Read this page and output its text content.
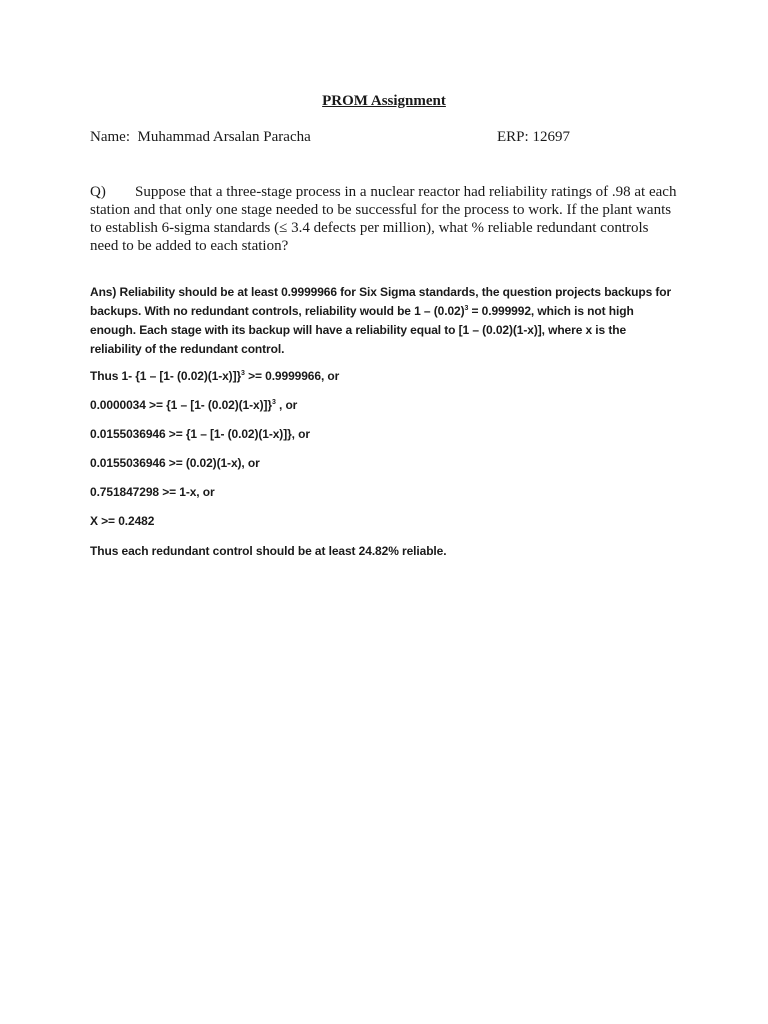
PROM Assignment
Name: Muhammad Arsalan Paracha	ERP: 12697
Q)	Suppose that a three-stage process in a nuclear reactor had reliability ratings of .98 at each station and that only one stage needed to be successful for the process to work. If the plant wants to establish 6-sigma standards (≤ 3.4 defects per million), what % reliable redundant controls need to be added to each station?

Ans) Reliability should be at least 0.9999966 for Six Sigma standards, the question projects backups for backups. With no redundant controls, reliability would be $1 - (0.02)^3 = 0.999992$, which is not high enough. Each stage with its backup will have a reliability equal to [1 – (0.02)(1-x)], where x is the reliability of the redundant control.
Thus 1- {1 – [1- (0.02)(1-x)]}$^3$ >= 0.9999966, or
0.0000034 >= {1 – [1- (0.02)(1-x)]}$^3$ , or
0.0155036946 >= {1 – [1- (0.02)(1-x)]}, or
0.0155036946 >= (0.02)(1-x), or
0.751847298 >= 1-x, or
X >= 0.2482
Thus each redundant control should be at least 24.82% reliable.
